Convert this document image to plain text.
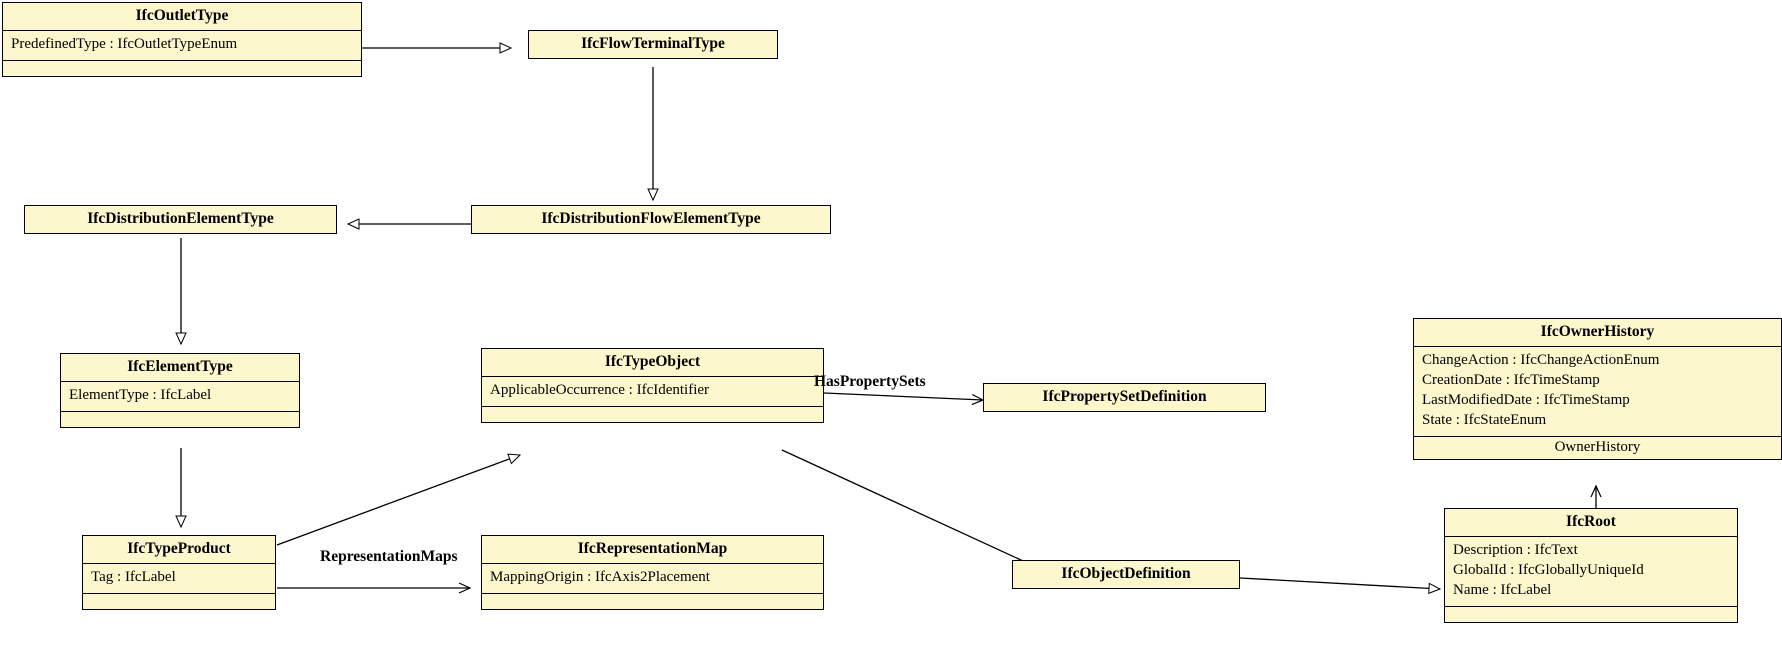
IfcOutletType
PredefinedType : IfcOutletTypeEnum	IfcFlowTerminalType
IfcDistributionElementType	IfcDistributionFlowElementType
IfcElementType
ElementType : IfcLabel
IfcTypeObject
ApplicableOccurrence : IfcIdentifier	IfcPropertySetDefinition
IfcOwnerHistory
ChangeAction : IfcChangeActionEnum
CreationDate : IfcTimeStamp
LastModifiedDate : IfcTimeStamp
State : IfcStateEnum
OwnerHistory
IfcTypeProduct
Tag : IfcLabel
IfcRepresentationMap
MappingOrigin : IfcAxis2Placement	IfcObjectDefinition
IfcRoot
Description : IfcText
GlobalId : IfcGloballyUniqueId
Name : IfcLabel
HasPropertySets
RepresentationMaps
